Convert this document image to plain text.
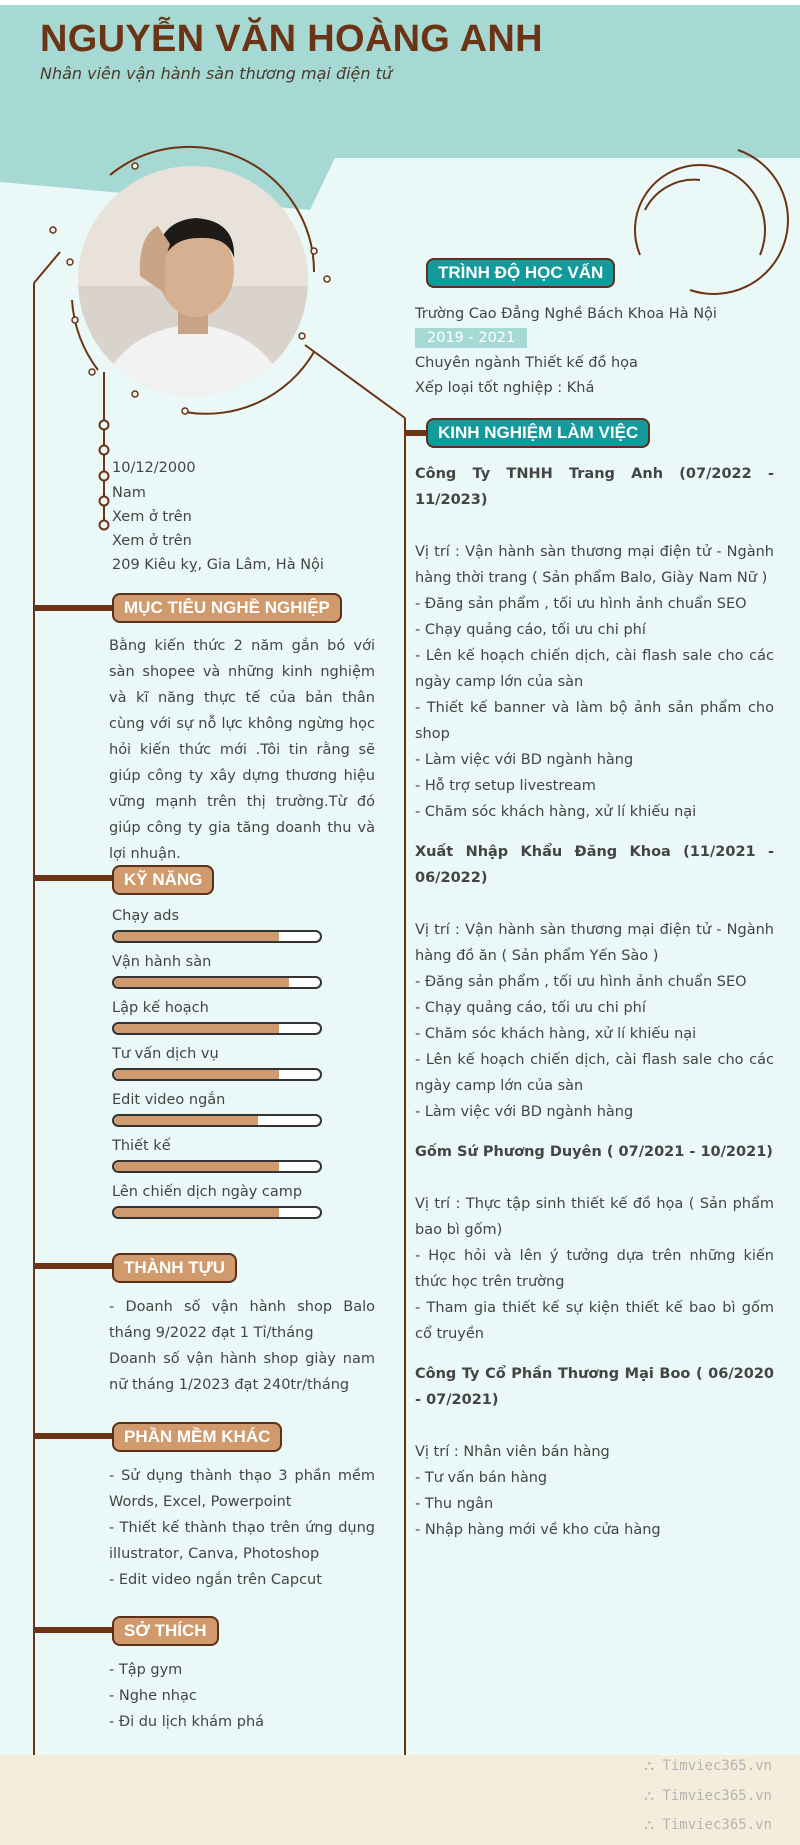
NGUYỄN VĂN HOÀNG ANH
Nhân viên vận hành sàn thương mại điện tử
10/12/2000
Nam
Xem ở trên
Xem ở trên
209 Kiêu kỵ, Gia Lâm, Hà Nội
MỤC TIÊU NGHỀ NGHIỆP
Bằng kiến thức 2 năm gắn bó với sàn shopee và những kinh nghiệm và kĩ năng thực tế của bản thân cùng với sự nỗ lực không ngừng học hỏi kiến thức mới .Tôi tin rằng sẽ giúp công ty xây dựng thương hiệu vững mạnh trên thị trường.Từ đó giúp công ty gia tăng doanh thu và lợi nhuận.
KỸ NĂNG
Chạy ads
Vận hành sàn
Lập kế hoạch
Tư vấn dịch vụ
Edit video ngắn
Thiết kế
Lên chiến dịch ngày camp
THÀNH TỰU
- Doanh số vận hành shop Balo tháng 9/2022 đạt 1 Tỉ/tháng
Doanh số vận hành shop giày nam nữ tháng 1/2023 đạt 240tr/tháng
PHẦN MỀM KHÁC
- Sử dụng thành thạo 3 phần mềm Words, Excel, Powerpoint
- Thiết kế thành thạo trên ứng dụng illustrator, Canva, Photoshop
- Edit video ngắn trên Capcut
SỞ THÍCH
- Tập gym
- Nghe nhạc
- Đi du lịch khám phá
TRÌNH ĐỘ HỌC VẤN
Trường Cao Đẳng Nghề Bách Khoa Hà Nội
2019 - 2021
Chuyên ngành Thiết kế đồ họa
Xếp loại tốt nghiệp : Khá
KINH NGHIỆM LÀM VIỆC
Công Ty TNHH Trang Anh (07/2022 - 11/2023)
Vị trí : Vận hành sàn thương mại điện tử - Ngành hàng thời trang ( Sản phẩm Balo, Giày Nam Nữ )
- Đăng sản phẩm , tối ưu hình ảnh chuẩn SEO
- Chạy quảng cáo, tối ưu chi phí
- Lên kế hoạch chiến dịch, cài flash sale cho các ngày camp lớn của sàn
- Thiết kế banner và làm bộ ảnh sản phẩm cho shop
- Làm việc với BD ngành hàng
- Hỗ trợ setup livestream
- Chăm sóc khách hàng, xử lí khiếu nại
Xuất Nhập Khẩu Đăng Khoa (11/2021 - 06/2022)
Vị trí : Vận hành sàn thương mại điện tử - Ngành hàng đồ ăn ( Sản phẩm Yến Sào )
- Đăng sản phẩm , tối ưu hình ảnh chuẩn SEO
- Chạy quảng cáo, tối ưu chi phí
- Chăm sóc khách hàng, xử lí khiếu nại
- Lên kế hoạch chiến dịch, cài flash sale cho các ngày camp lớn của sàn
- Làm việc với BD ngành hàng
Gốm Sứ Phương Duyên ( 07/2021 - 10/2021)
Vị trí : Thực tập sinh thiết kế đồ họa ( Sản phẩm bao bì gốm)
- Học hỏi và lên ý tưởng dựa trên những kiến thức học trên trường
- Tham gia thiết kế sự kiện thiết kế bao bì gốm cổ truyền
Công Ty Cổ Phần Thương Mại Boo ( 06/2020 - 07/2021)
Vị trí : Nhân viên bán hàng
- Tư vấn bán hàng
- Thu ngân
- Nhập hàng mới về kho cửa hàng
⛬ Timviec365.vn
⛬ Timviec365.vn
⛬ Timviec365.vn
